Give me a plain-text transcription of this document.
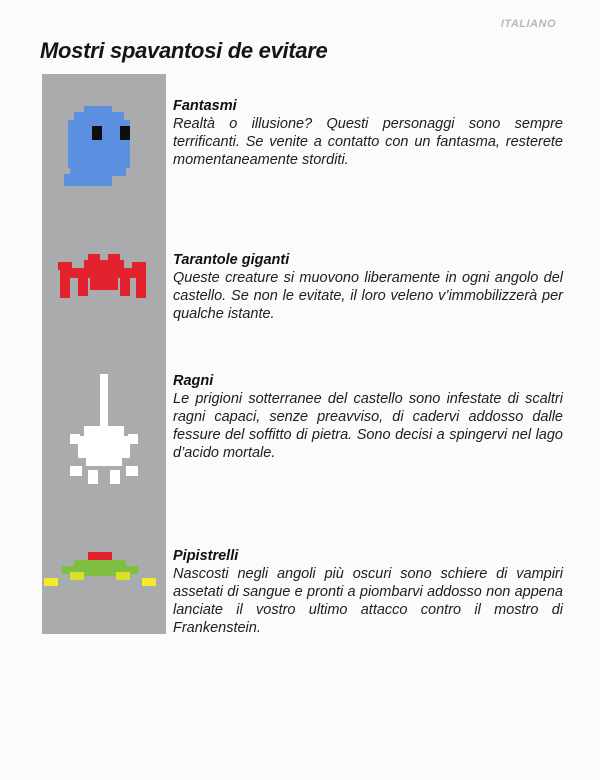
ITALIANO
Mostri spavantosi de evitare
Fantasmi

Realtà o illusione? Questi personaggi sono sempre terrificanti. Se venite a contatto con un fantasma, resterete momentaneamente storditi.

Tarantole giganti

Queste creature si muovono liberamente in ogni angolo del castello. Se non le evitate, il loro veleno v’immobilizzerà per qualche istante.

Ragni

Le prigioni sotterranee del castello sono infestate di scaltri ragni capaci, senze preavviso, di cadervi addosso dalle fessure del soffitto di pietra. Sono decisi a spingervi nel lago d’acido mortale.

Pipistrelli

Nascosti negli angoli più oscuri sono schiere di vampiri assetati di sangue e pronti a piombarvi addosso non appena lanciate il vostro ultimo attacco contro il mostro di Frankenstein.
